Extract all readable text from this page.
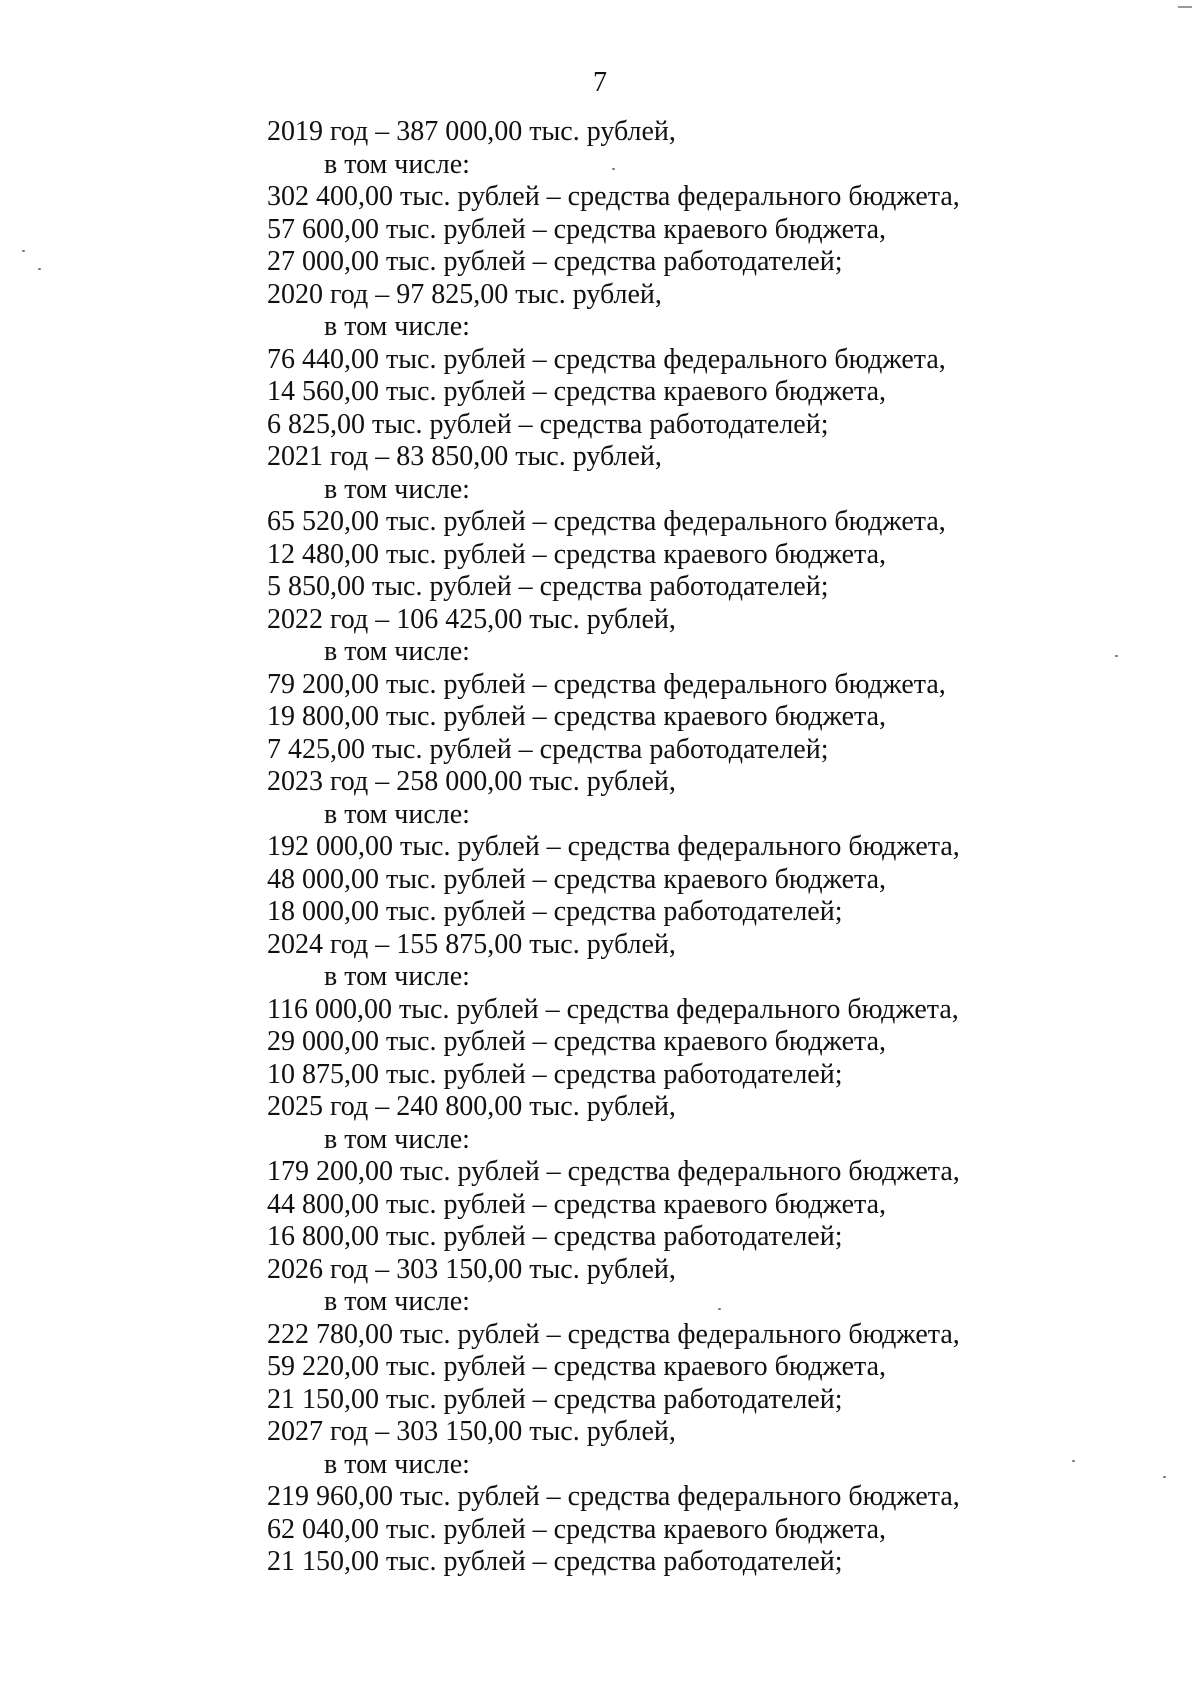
7
2019 год – 387 000,00 тыс. рублей,
в том числе:
302 400,00 тыс. рублей – средства федерального бюджета,
57 600,00 тыс. рублей – средства краевого бюджета,
27 000,00 тыс. рублей – средства работодателей;
2020 год – 97 825,00 тыс. рублей,
в том числе:
76 440,00 тыс. рублей – средства федерального бюджета,
14 560,00 тыс. рублей – средства краевого бюджета,
6 825,00 тыс. рублей – средства работодателей;
2021 год – 83 850,00 тыс. рублей,
в том числе:
65 520,00 тыс. рублей – средства федерального бюджета,
12 480,00 тыс. рублей – средства краевого бюджета,
5 850,00 тыс. рублей – средства работодателей;
2022 год – 106 425,00 тыс. рублей,
в том числе:
79 200,00 тыс. рублей – средства федерального бюджета,
19 800,00 тыс. рублей – средства краевого бюджета,
7 425,00 тыс. рублей – средства работодателей;
2023 год – 258 000,00 тыс. рублей,
в том числе:
192 000,00 тыс. рублей – средства федерального бюджета,
48 000,00 тыс. рублей – средства краевого бюджета,
18 000,00 тыс. рублей – средства работодателей;
2024 год – 155 875,00 тыс. рублей,
в том числе:
116 000,00 тыс. рублей – средства федерального бюджета,
29 000,00 тыс. рублей – средства краевого бюджета,
10 875,00 тыс. рублей – средства работодателей;
2025 год – 240 800,00 тыс. рублей,
в том числе:
179 200,00 тыс. рублей – средства федерального бюджета,
44 800,00 тыс. рублей – средства краевого бюджета,
16 800,00 тыс. рублей – средства работодателей;
2026 год – 303 150,00 тыс. рублей,
в том числе:
222 780,00 тыс. рублей – средства федерального бюджета,
59 220,00 тыс. рублей – средства краевого бюджета,
21 150,00 тыс. рублей – средства работодателей;
2027 год – 303 150,00 тыс. рублей,
в том числе:
219 960,00 тыс. рублей – средства федерального бюджета,
62 040,00 тыс. рублей – средства краевого бюджета,
21 150,00 тыс. рублей – средства работодателей;
